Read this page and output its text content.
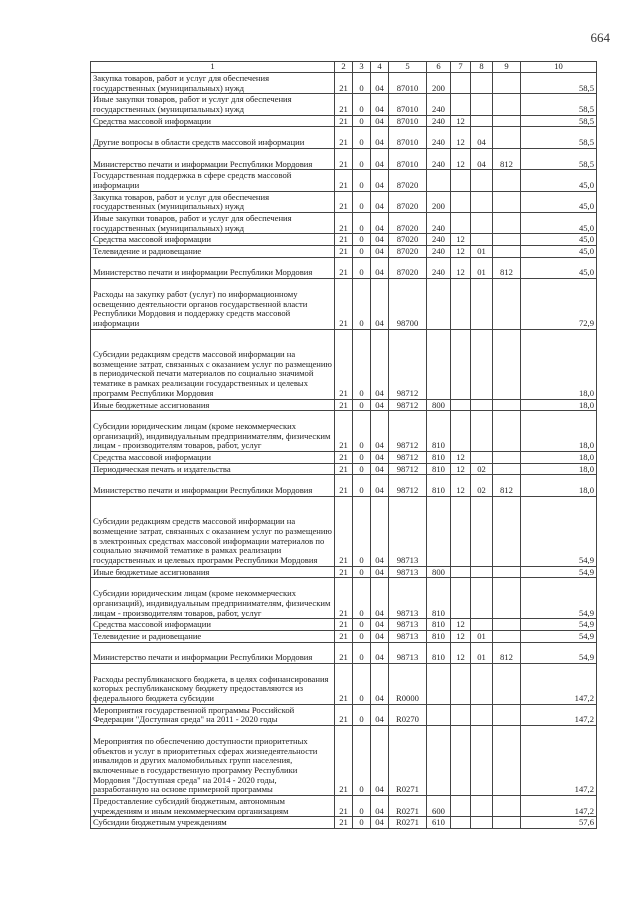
664
1	2	3	4	5	6	7	8	9	10
Закупка товаров, работ и услуг для обеспечения государственных (муниципальных) нужд	21	0	04	87010	200				58,5
Иные закупки товаров, работ и услуг для обеспечения государственных (муниципальных) нужд	21	0	04	87010	240				58,5
Средства массовой информации	21	0	04	87010	240	12			58,5
Другие вопросы в области средств массовой информации	21	0	04	87010	240	12	04		58,5
Министерство печати и информации Республики Мордовия	21	0	04	87010	240	12	04	812	58,5
Государственная поддержка в сфере средств массовой информации	21	0	04	87020					45,0
Закупка товаров, работ и услуг для обеспечения государственных (муниципальных) нужд	21	0	04	87020	200				45,0
Иные закупки товаров, работ и услуг для обеспечения государственных (муниципальных) нужд	21	0	04	87020	240				45,0
Средства массовой информации	21	0	04	87020	240	12			45,0
Телевидение и радиовещание	21	0	04	87020	240	12	01		45,0
Министерство печати и информации Республики Мордовия	21	0	04	87020	240	12	01	812	45,0
Расходы на закупку работ (услуг) по информационному освещению деятельности органов государственной власти Республики Мордовия и поддержку средств массовой информации	21	0	04	98700					72,9
Субсидии редакциям средств массовой информации на возмещение затрат, связанных с оказанием услуг по размещению в периодической печати материалов по социально значимой тематике в рамках реализации государственных и целевых программ Республики Мордовия	21	0	04	98712					18,0
Иные бюджетные ассигнования	21	0	04	98712	800				18,0
Субсидии юридическим лицам (кроме некоммерческих организаций), индивидуальным предпринимателям, физическим лицам - производителям товаров, работ, услуг	21	0	04	98712	810				18,0
Средства массовой информации	21	0	04	98712	810	12			18,0
Периодическая печать и издательства	21	0	04	98712	810	12	02		18,0
Министерство печати и информации Республики Мордовия	21	0	04	98712	810	12	02	812	18,0
Субсидии редакциям средств массовой информации на возмещение затрат, связанных с оказанием услуг по размещению в электронных средствах массовой информации материалов по социально значимой тематике в рамках реализации государственных и целевых программ Республики Мордовия	21	0	04	98713					54,9
Иные бюджетные ассигнования	21	0	04	98713	800				54,9
Субсидии юридическим лицам (кроме некоммерческих организаций), индивидуальным предпринимателям, физическим лицам - производителям товаров, работ, услуг	21	0	04	98713	810				54,9
Средства массовой информации	21	0	04	98713	810	12			54,9
Телевидение и радиовещание	21	0	04	98713	810	12	01		54,9
Министерство печати и информации Республики Мордовия	21	0	04	98713	810	12	01	812	54,9
Расходы республиканского бюджета, в целях софинансирования которых республиканскому бюджету предоставляются из федерального бюджета субсидии	21	0	04	R0000					147,2
Мероприятия государственной программы Российской Федерации "Доступная среда" на 2011 - 2020 годы	21	0	04	R0270					147,2
Мероприятия по обеспечению доступности приоритетных объектов и услуг в приоритетных сферах жизнедеятельности инвалидов и других маломобильных групп населения, включенные в государственную программу Республики Мордовия "Доступная среда" на 2014 - 2020 годы, разработанную на основе примерной программы	21	0	04	R0271					147,2
Предоставление субсидий бюджетным, автономным учреждениям и иным некоммерческим организациям	21	0	04	R0271	600				147,2
Субсидии бюджетным учреждениям	21	0	04	R0271	610				57,6
